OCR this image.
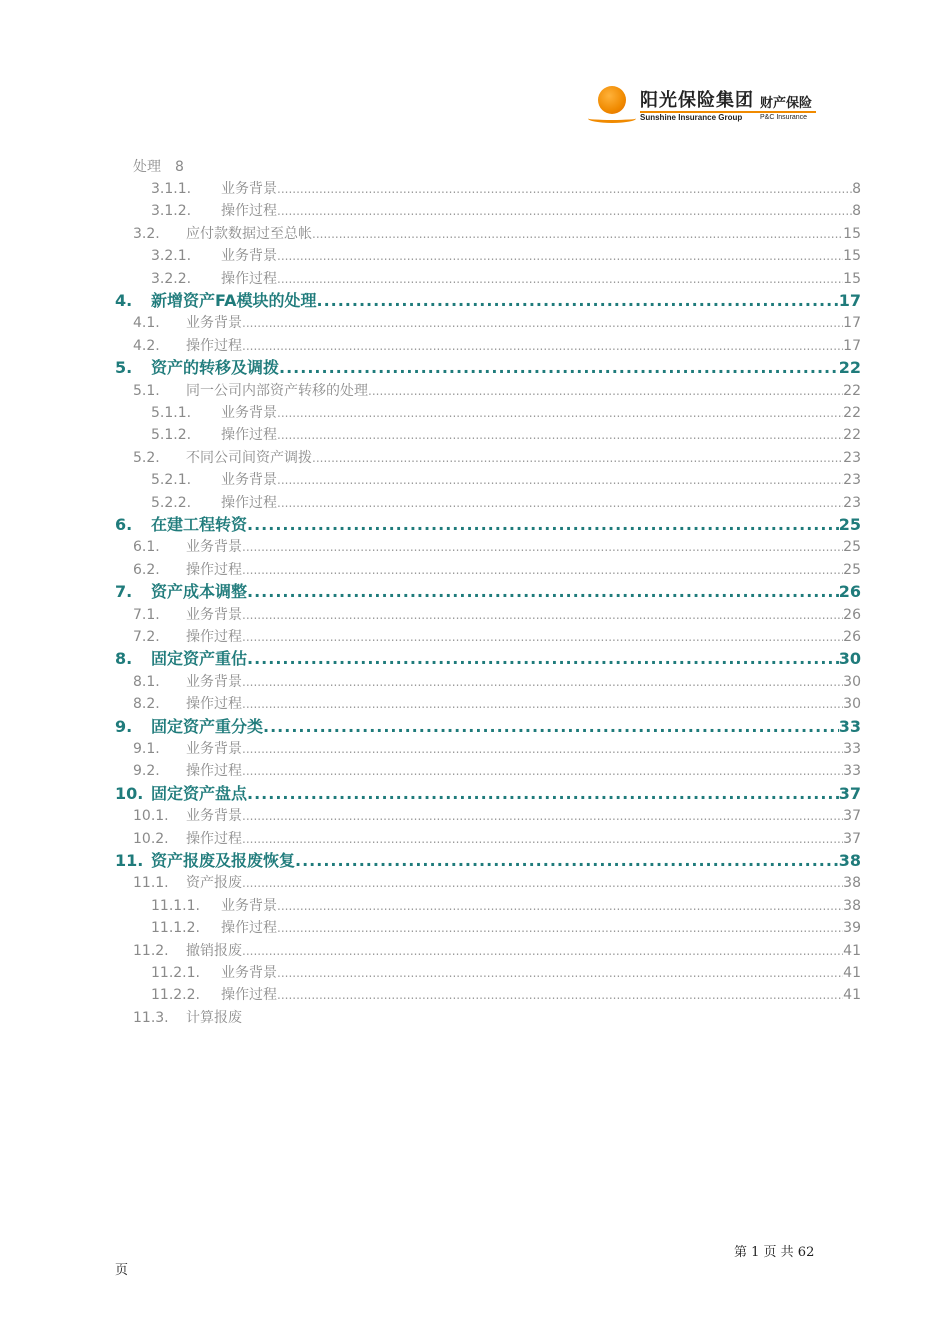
阳光保险集团 财产保险
Sunshine Insurance Group	P&C Insurance
处理 8
3.1.1.	业务背景 .....	8
3.1.2.	操作过程 .....	8
3.2.	应付款数据过至总帐 .....	15
3.2.1.	业务背景 .....	15
3.2.2.	操作过程 .....	15
4.	新增资产FA模块的处理 .....	17
4.1.	业务背景 .....	17
4.2.	操作过程 .....	17
5.	资产的转移及调拨 .....	22
5.1.	同一公司内部资产转移的处理 .....	22
5.1.1.	业务背景 .....	22
5.1.2.	操作过程 .....	22
5.2.	不同公司间资产调拨 .....	23
5.2.1.	业务背景 .....	23
5.2.2.	操作过程 .....	23
6.	在建工程转资 .....	25
6.1.	业务背景 .....	25
6.2.	操作过程 .....	25
7.	资产成本调整 .....	26
7.1.	业务背景 .....	26
7.2.	操作过程 .....	26
8.	固定资产重估 .....	30
8.1.	业务背景 .....	30
8.2.	操作过程 .....	30
9.	固定资产重分类 .....	33
9.1.	业务背景 .....	33
9.2.	操作过程 .....	33
10. 固定资产盘点 .....	37
10.1.	业务背景 .....	37
10.2.	操作过程 .....	37
11. 资产报废及报废恢复 .....	38
11.1.	资产报废 .....	38
11.1.1.	业务背景 .....	38
11.1.2.	操作过程 .....	39
11.2.	撤销报废 .....	41
11.2.1.	业务背景 .....	41
11.2.2.	操作过程 .....	41
11.3.	计算报废
第 1 页 共 62
页
